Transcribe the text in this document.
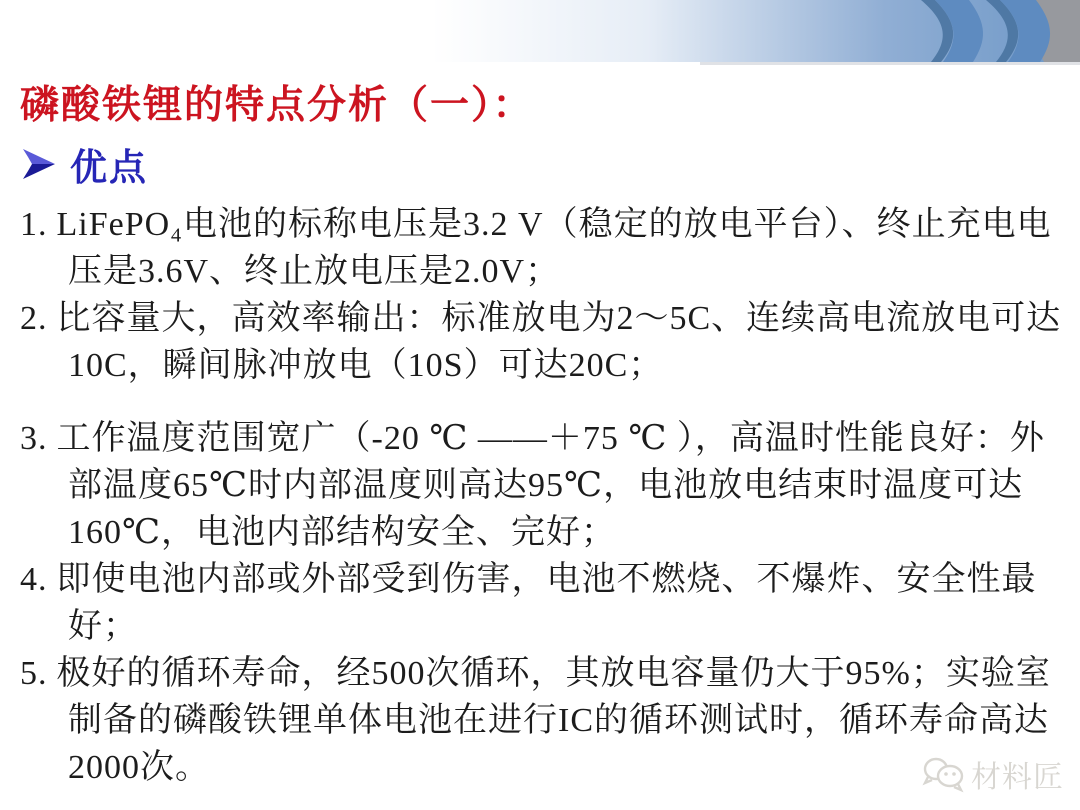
磷酸铁锂的特点分析（一）：
优点
1. LiFePO₄电池的标称电压是3.2 V（稳定的放电平台）、终止充电电压是3.6V、终止放电压是2.0V；
2. 比容量大，高效率输出：标准放电为2～5C、连续高电流放电可达10C，瞬间脉冲放电（10S）可达20C；
3. 工作温度范围宽广（-20 ℃ ——＋75 ℃ ），高温时性能良好：外部温度65℃时内部温度则高达95℃，电池放电结束时温度可达160℃，电池内部结构安全、完好；
4. 即使电池内部或外部受到伤害，电池不燃烧、不爆炸、安全性最好；
5. 极好的循环寿命，经500次循环，其放电容量仍大于95%；实验室制备的磷酸铁锂单体电池在进行IC的循环测试时，循环寿命高达2000次。	材料匠
